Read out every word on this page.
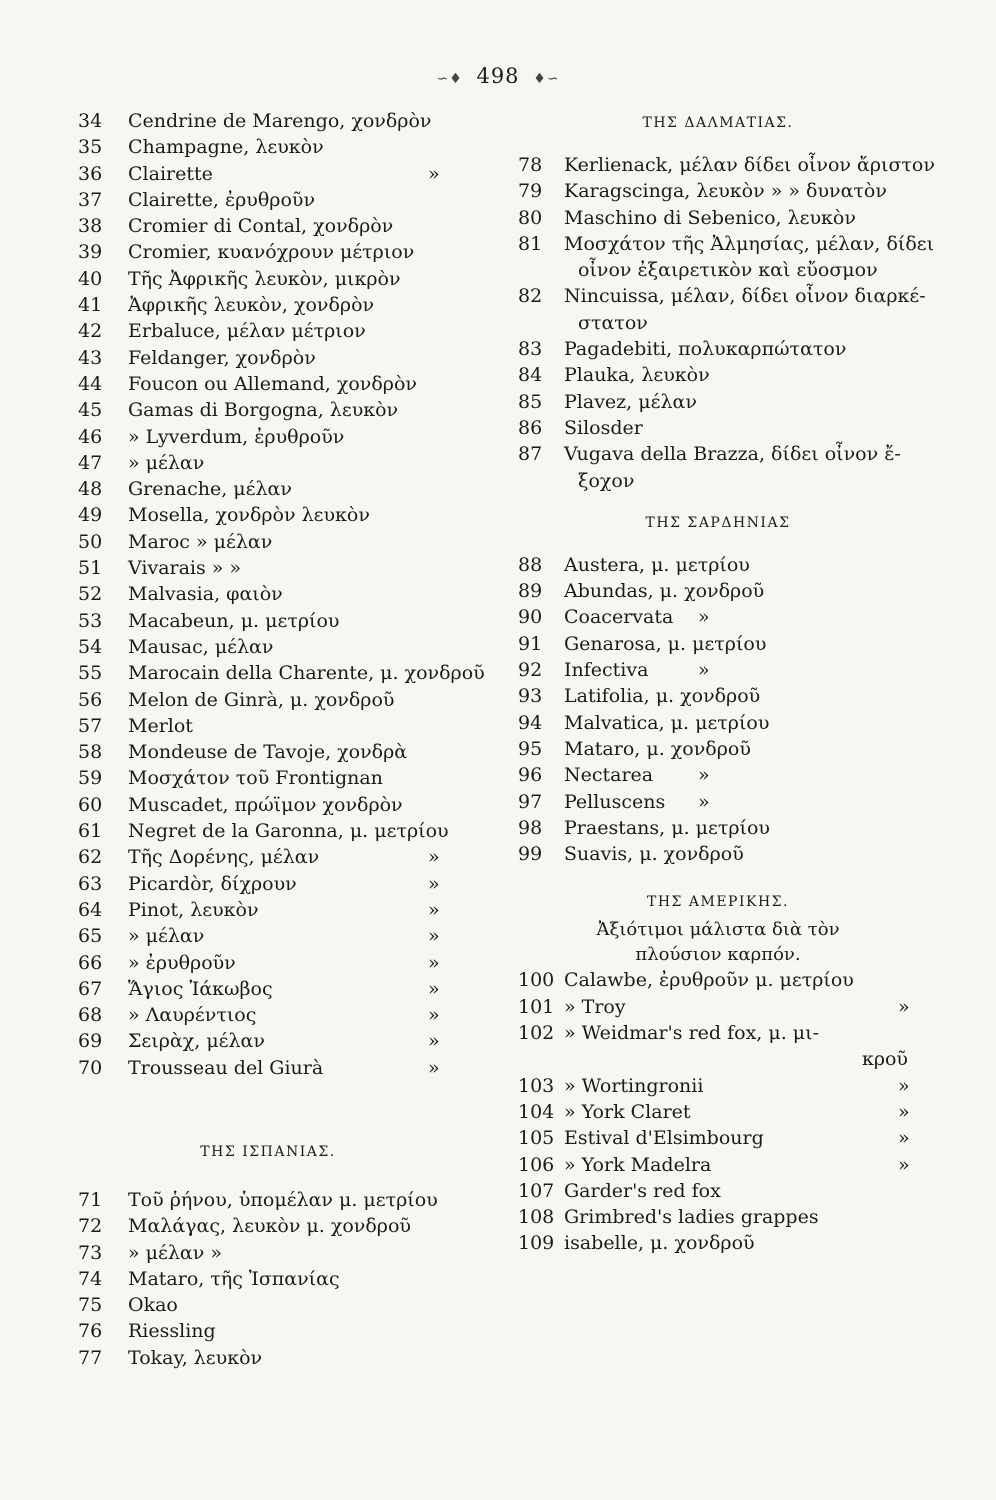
∽♦ 498 ♦∽
34 Cendrine de Marengo, χονδρὸν
35 Champagne, λευκὸν
36 Clairette	»
37 Clairette, ἐρυθροῦν
38 Cromier di Contal, χονδρὸν
39 Cromier, κυανόχρουν μέτριον
40 Τῆς Ἀφρικῆς λευκὸν, μικρὸν
41 Ἀφρικῆς λευκὸν, χονδρὸν
42 Erbaluce, μέλαν μέτριον
43 Feldanger, χονδρὸν
44 Foucon ou Allemand, χονδρὸν
45 Gamas di Borgogna, λευκὸν
46 » Lyverdum, ἐρυθροῦν
47 » μέλαν
48 Grenache, μέλαν
49 Mosella, χονδρὸν λευκὸν
50 Maroc » μέλαν
51 Vivarais » »
52 Malvasia, φαιὸν
53 Macabeun, μ. μετρίου
54 Mausac, μέλαν
55 Marocain della Charente, μ. χονδροῦ
56 Melon de Ginrà, μ. χονδροῦ
57 Merlot
58 Mondeuse de Tavoje, χονδρὰ
59 Μοσχάτον τοῦ Frontignan
60 Muscadet, πρώϊμον χονδρὸν
61 Negret de la Garonna, μ. μετρίου
62 Τῆς Δορένης, μέλαν	»
63 Picardòr, δίχρουν	»
64 Pinot, λευκὸν	»
65 » μέλαν	»
66 » ἐρυθροῦν	»
67 Ἅγιος Ἰάκωβος	»
68 » Λαυρέντιος	»
69 Σειρὰχ, μέλαν	»
70 Trousseau del Giurà	»
ΤΗΣ ΙΣΠΑΝΙΑΣ.
71 Τοῦ ῥήνου, ὑπομέλαν μ. μετρίου
72 Μαλάγας, λευκὸν μ. χονδροῦ
73 » μέλαν »
74 Mataro, τῆς Ἰσπανίας
75 Okao
76 Riessling
77 Tokay, λευκὸν
ΤΗΣ ΔΑΛΜΑΤΙΑΣ.
78 Kerlienack, μέλαν δίδει οἶνον ἄριστον
79 Karagscinga, λευκὸν » » δυνατὸν
80 Maschino di Sebenico, λευκὸν
81 Μοσχάτον τῆς Ἀλμησίας, μέλαν, δίδει
οἶνον ἐξαιρετικὸν καὶ εὔοσμον
82 Nincuissa, μέλαν, δίδει οἶνον διαρκέ-
στατον
83 Pagadebiti, πολυκαρπώτατον
84 Plauka, λευκὸν
85 Plavez, μέλαν
86 Silosder
87 Vugava della Brazza, δίδει οἶνον ἔ-
ξοχον
ΤΗΣ ΣΑΡΔΗΝΙΑΣ
88 Austera, μ. μετρίου
89 Abundas, μ. χονδροῦ
90 Coacervata »
91 Genarosa, μ. μετρίου
92 Infectiva	»
93 Latifolia, μ. χονδροῦ
94 Malvatica, μ. μετρίου
95 Mataro, μ. χονδροῦ
96 Nectarea »
97 Pelluscens »
98 Praestans, μ. μετρίου
99 Suavis, μ. χονδροῦ
ΤΗΣ ΑΜΕΡΙΚΗΣ.
Ἀξιότιμοι μάλιστα διὰ τὸν
πλούσιον καρπόν.
100 Calawbe, ἐρυθροῦν μ. μετρίου
101 » Troy	»
102 » Weidmar's red fox, μ. μι-
κροῦ
103 » Wortingronii	»
104 » York Claret	»
105 Estival d'Elsimbourg	»
106 » York Madelra	»
107 Garder's red fox
108 Grimbred's ladies grappes
109 isabelle, μ. χονδροῦ
